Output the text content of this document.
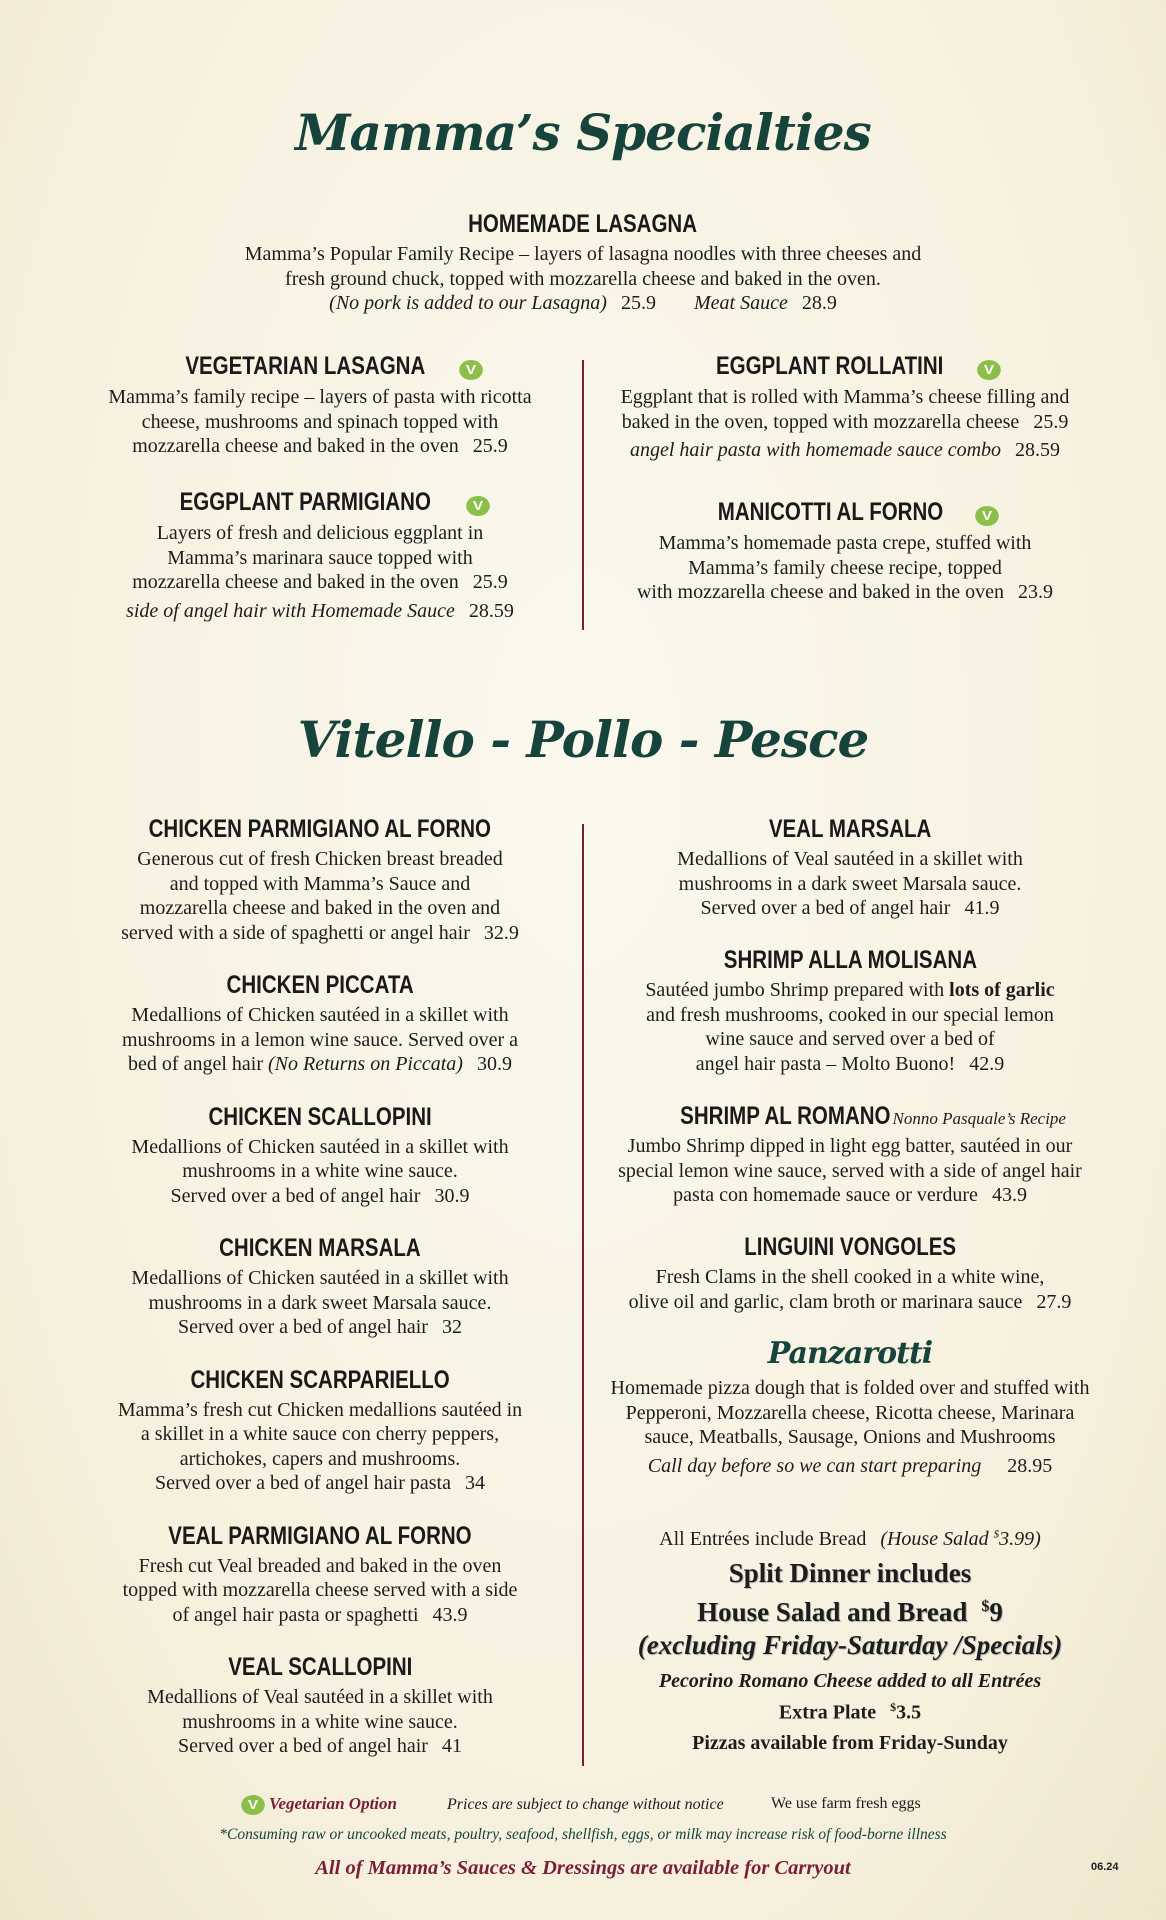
Mamma’s Specialties
HOMEMADE LASAGNA
Mamma’s Popular Family Recipe – layers of lasagna noodles with three cheeses and
fresh ground chuck, topped with mozzarella cheese and baked in the oven.
(No pork is added to our Lasagna) 25.9 Meat Sauce 28.9
VEGETARIAN LASAGNA	V
Mamma’s family recipe – layers of pasta with ricotta
cheese, mushrooms and spinach topped with
mozzarella cheese and baked in the oven 25.9
EGGPLANT PARMIGIANO	V
Layers of fresh and delicious eggplant in
Mamma’s marinara sauce topped with
mozzarella cheese and baked in the oven 25.9
side of angel hair with Homemade Sauce 28.59
EGGPLANT ROLLATINI	V
Eggplant that is rolled with Mamma’s cheese filling and
baked in the oven, topped with mozzarella cheese 25.9
angel hair pasta with homemade sauce combo 28.59
MANICOTTI AL FORNO	V
Mamma’s homemade pasta crepe, stuffed with
Mamma’s family cheese recipe, topped
with mozzarella cheese and baked in the oven 23.9
Vitello - Pollo - Pesce
CHICKEN PARMIGIANO AL FORNO
Generous cut of fresh Chicken breast breaded
and topped with Mamma’s Sauce and
mozzarella cheese and baked in the oven and
served with a side of spaghetti or angel hair 32.9
CHICKEN PICCATA
Medallions of Chicken sautéed in a skillet with
mushrooms in a lemon wine sauce. Served over a
bed of angel hair (No Returns on Piccata) 30.9
CHICKEN SCALLOPINI
Medallions of Chicken sautéed in a skillet with
mushrooms in a white wine sauce.
Served over a bed of angel hair 30.9
CHICKEN MARSALA
Medallions of Chicken sautéed in a skillet with
mushrooms in a dark sweet Marsala sauce.
Served over a bed of angel hair 32
CHICKEN SCARPARIELLO
Mamma’s fresh cut Chicken medallions sautéed in
a skillet in a white sauce con cherry peppers,
artichokes, capers and mushrooms.
Served over a bed of angel hair pasta 34
VEAL PARMIGIANO AL FORNO
Fresh cut Veal breaded and baked in the oven
topped with mozzarella cheese served with a side
of angel hair pasta or spaghetti 43.9
VEAL SCALLOPINI
Medallions of Veal sautéed in a skillet with
mushrooms in a white wine sauce.
Served over a bed of angel hair 41
VEAL MARSALA
Medallions of Veal sautéed in a skillet with
mushrooms in a dark sweet Marsala sauce.
Served over a bed of angel hair 41.9
SHRIMP ALLA MOLISANA
Sautéed jumbo Shrimp prepared with lots of garlic
and fresh mushrooms, cooked in our special lemon
wine sauce and served over a bed of
angel hair pasta – Molto Buono! 42.9
SHRIMP AL ROMANO Nonno Pasquale’s Recipe
Jumbo Shrimp dipped in light egg batter, sautéed in our
special lemon wine sauce, served with a side of angel hair
pasta con homemade sauce or verdure 43.9
LINGUINI VONGOLES
Fresh Clams in the shell cooked in a white wine,
olive oil and garlic, clam broth or marinara sauce 27.9
Panzarotti
Homemade pizza dough that is folded over and stuffed with
Pepperoni, Mozzarella cheese, Ricotta cheese, Marinara
sauce, Meatballs, Sausage, Onions and Mushrooms
Call day before so we can start preparing 28.95
All Entrées include Bread (House Salad $3.99)
Split Dinner includes
House Salad and Bread $9
(excluding Friday-Saturday /Specials)
Pecorino Romano Cheese added to all Entrées
Extra Plate $3.5
Pizzas available from Friday-Sunday
V Vegetarian Option	Prices are subject to change without notice	We use farm fresh eggs
*Consuming raw or uncooked meats, poultry, seafood, shellfish, eggs, or milk may increase risk of food-borne illness
All of Mamma’s Sauces & Dressings are available for Carryout	06.24
